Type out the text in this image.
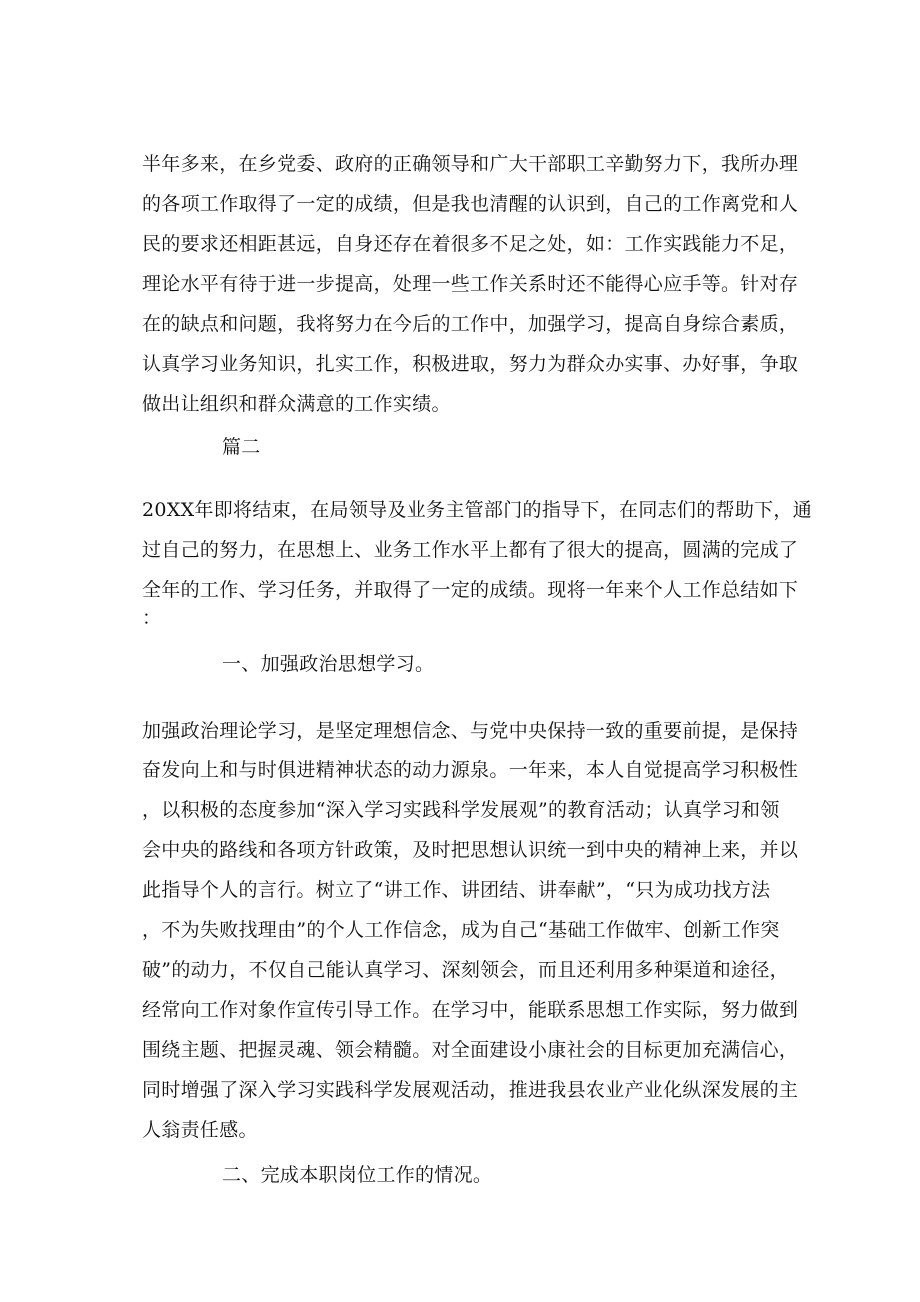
半年多来，在乡党委、政府的正确领导和广大干部职工辛勤努力下，我所办理
的各项工作取得了一定的成绩，但是我也清醒的认识到，自己的工作离党和人
民的要求还相距甚远，自身还存在着很多不足之处，如：工作实践能力不足，
理论水平有待于进一步提高，处理一些工作关系时还不能得心应手等。针对存
在的缺点和问题，我将努力在今后的工作中，加强学习，提高自身综合素质，
认真学习业务知识，扎实工作，积极进取，努力为群众办实事、办好事，争取
做出让组织和群众满意的工作实绩。
篇二
20XX年即将结束，在局领导及业务主管部门的指导下，在同志们的帮助下，通
过自己的努力，在思想上、业务工作水平上都有了很大的提高，圆满的完成了
全年的工作、学习任务，并取得了一定的成绩。现将一年来个人工作总结如下
：
一、加强政治思想学习。
加强政治理论学习，是坚定理想信念、与党中央保持一致的重要前提，是保持
奋发向上和与时俱进精神状态的动力源泉。一年来，本人自觉提高学习积极性
，以积极的态度参加“深入学习实践科学发展观”的教育活动；认真学习和领
会中央的路线和各项方针政策，及时把思想认识统一到中央的精神上来，并以
此指导个人的言行。树立了“讲工作、讲团结、讲奉献”，“只为成功找方法
，不为失败找理由”的个人工作信念，成为自己“基础工作做牢、创新工作突
破”的动力，不仅自己能认真学习、深刻领会，而且还利用多种渠道和途径，
经常向工作对象作宣传引导工作。在学习中，能联系思想工作实际，努力做到
围绕主题、把握灵魂、领会精髓。对全面建设小康社会的目标更加充满信心，
同时增强了深入学习实践科学发展观活动，推进我县农业产业化纵深发展的主
人翁责任感。
二、完成本职岗位工作的情况。
